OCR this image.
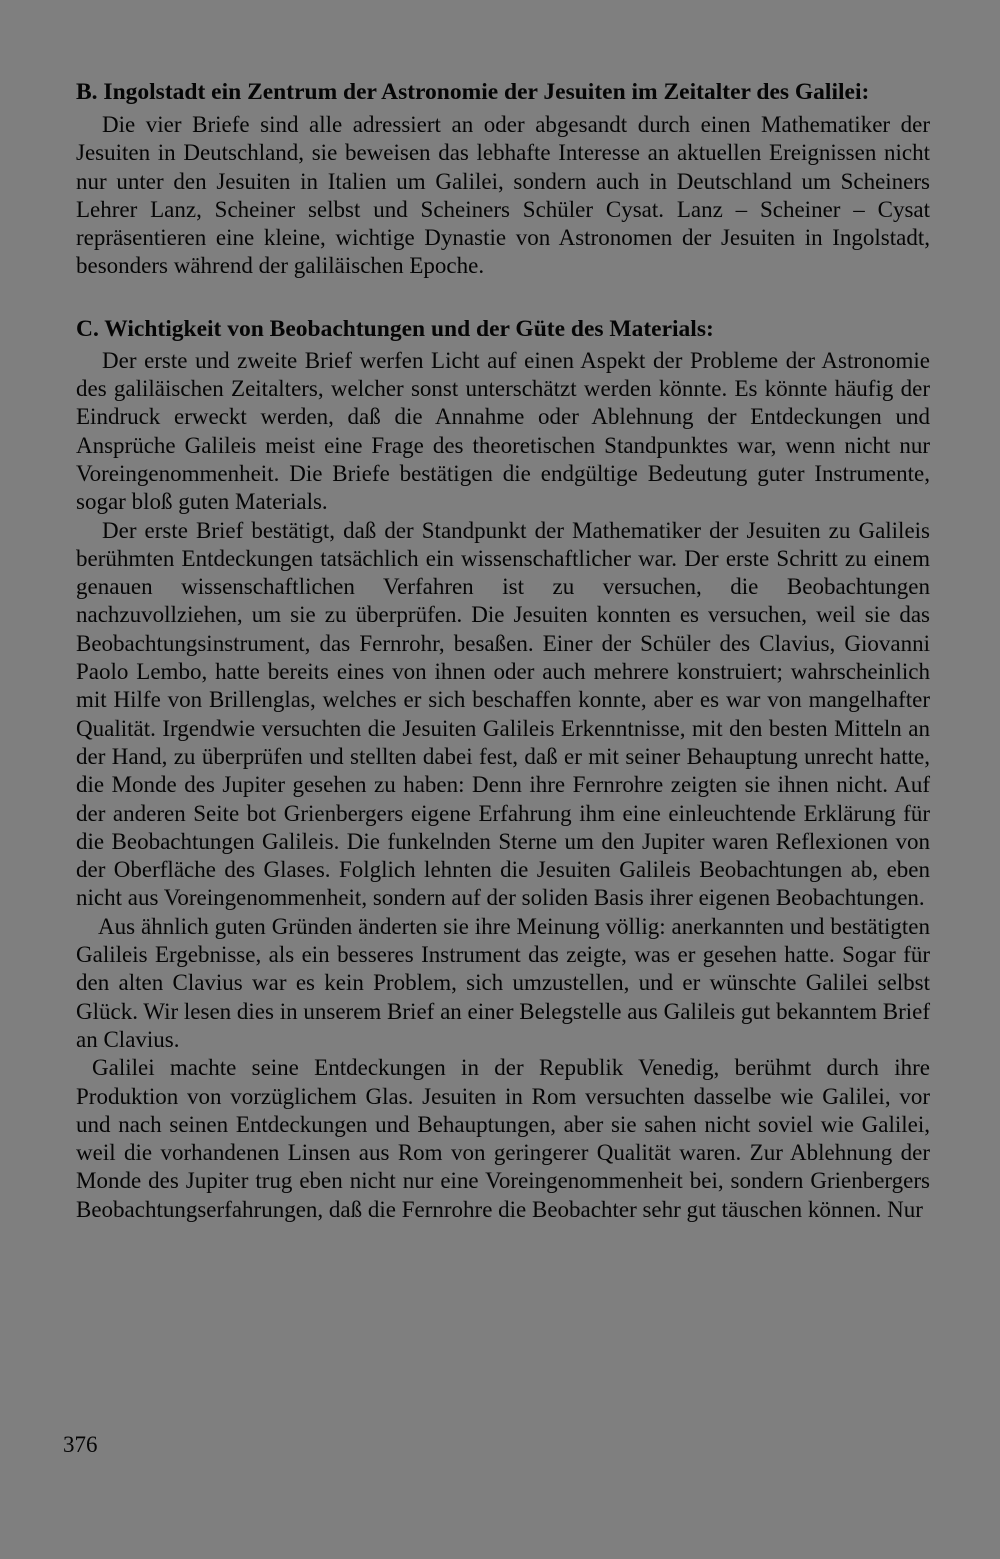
B. Ingolstadt ein Zentrum der Astronomie der Jesuiten im Zeitalter des Galilei:

Die vier Briefe sind alle adressiert an oder abgesandt durch einen Mathematiker der Jesuiten in Deutschland, sie beweisen das lebhafte Interesse an aktuellen Ereignissen nicht nur unter den Jesuiten in Italien um Galilei, sondern auch in Deutschland um Scheiners Lehrer Lanz, Scheiner selbst und Scheiners Schüler Cysat. Lanz – Scheiner – Cysat repräsentieren eine kleine, wichtige Dynastie von Astronomen der Jesuiten in Ingolstadt, besonders während der galiläischen Epoche.

C. Wichtigkeit von Beobachtungen und der Güte des Materials:

Der erste und zweite Brief werfen Licht auf einen Aspekt der Probleme der Astronomie des galiläischen Zeitalters, welcher sonst unterschätzt werden könnte. Es könnte häufig der Eindruck erweckt werden, daß die Annahme oder Ablehnung der Entdeckungen und Ansprüche Galileis meist eine Frage des theoretischen Standpunktes war, wenn nicht nur Voreingenommenheit. Die Briefe bestätigen die endgültige Bedeutung guter Instrumente, sogar bloß guten Materials.

Der erste Brief bestätigt, daß der Standpunkt der Mathematiker der Jesuiten zu Galileis berühmten Entdeckungen tatsächlich ein wissenschaftlicher war. Der erste Schritt zu einem genauen wissenschaftlichen Verfahren ist zu versuchen, die Beobachtungen nachzuvollziehen, um sie zu überprüfen. Die Jesuiten konnten es versuchen, weil sie das Beobachtungsinstrument, das Fernrohr, besaßen. Einer der Schüler des Clavius, Giovanni Paolo Lembo, hatte bereits eines von ihnen oder auch mehrere konstruiert; wahrscheinlich mit Hilfe von Brillenglas, welches er sich beschaffen konnte, aber es war von mangelhafter Qualität. Irgendwie versuchten die Jesuiten Galileis Erkenntnisse, mit den besten Mitteln an der Hand, zu überprüfen und stellten dabei fest, daß er mit seiner Behauptung unrecht hatte, die Monde des Jupiter gesehen zu haben: Denn ihre Fernrohre zeigten sie ihnen nicht. Auf der anderen Seite bot Grienbergers eigene Erfahrung ihm eine einleuchtende Erklärung für die Beobachtungen Galileis. Die funkelnden Sterne um den Jupiter waren Reflexionen von der Oberfläche des Glases. Folglich lehnten die Jesuiten Galileis Beobachtungen ab, eben nicht aus Voreingenommenheit, sondern auf der soliden Basis ihrer eigenen Beobachtungen.

Aus ähnlich guten Gründen änderten sie ihre Meinung völlig: anerkannten und bestätigten Galileis Ergebnisse, als ein besseres Instrument das zeigte, was er gesehen hatte. Sogar für den alten Clavius war es kein Problem, sich umzustellen, und er wünschte Galilei selbst Glück. Wir lesen dies in unserem Brief an einer Belegstelle aus Galileis gut bekanntem Brief an Clavius.

Galilei machte seine Entdeckungen in der Republik Venedig, berühmt durch ihre Produktion von vorzüglichem Glas. Jesuiten in Rom versuchten dasselbe wie Galilei, vor und nach seinen Entdeckungen und Behauptungen, aber sie sahen nicht soviel wie Galilei, weil die vorhandenen Linsen aus Rom von geringerer Qualität waren. Zur Ablehnung der Monde des Jupiter trug eben nicht nur eine Voreingenommenheit bei, sondern Grienbergers Beobachtungserfahrungen, daß die Fernrohre die Beobachter sehr gut täuschen können. Nur

376
